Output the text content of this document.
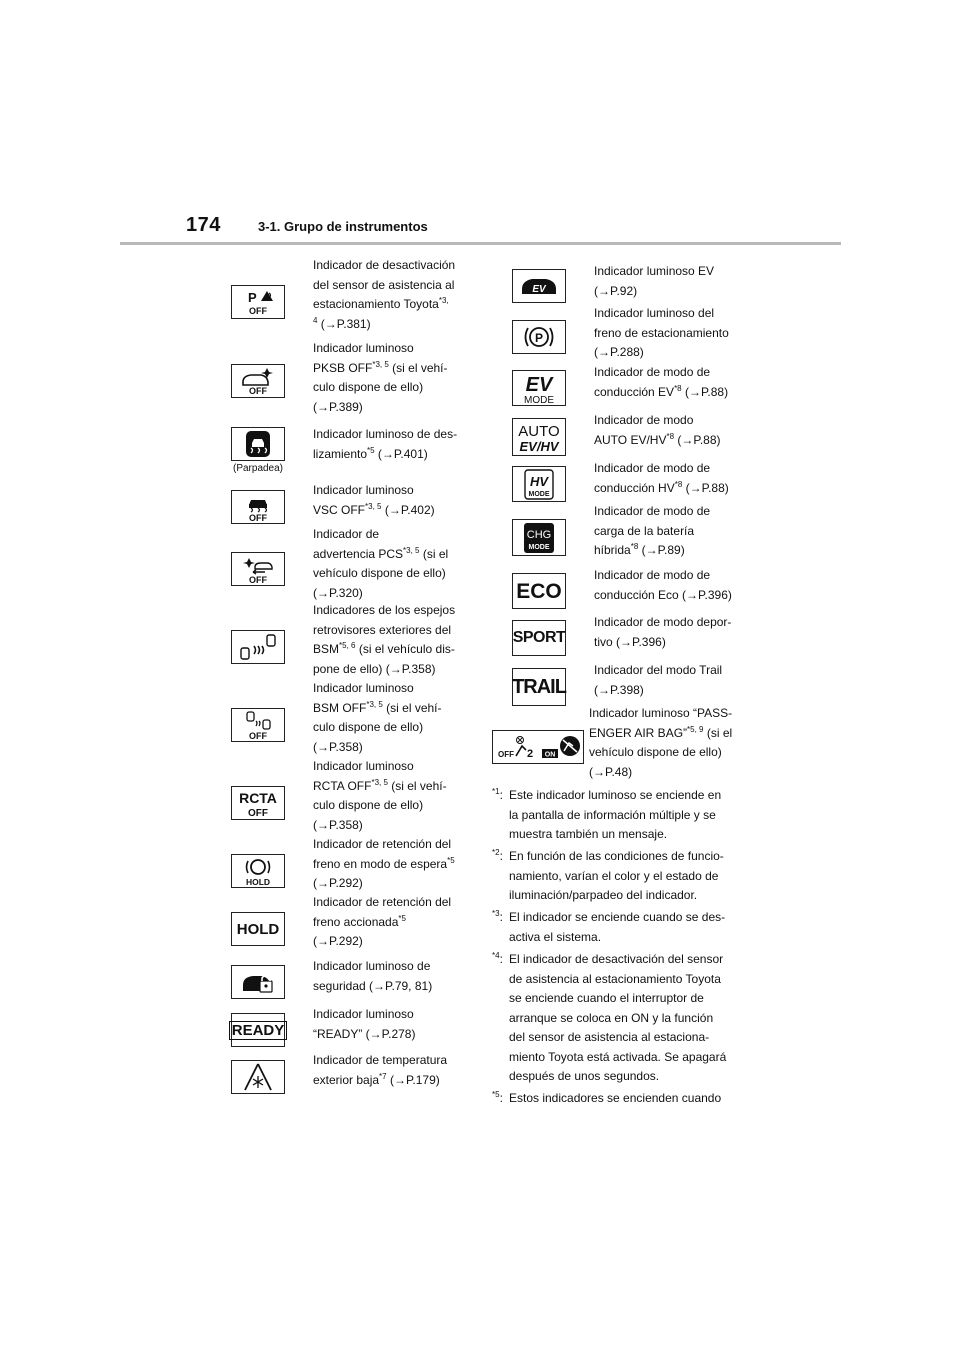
174	3-1. Grupo de instrumentos
P
OFF
Indicador de desactivación
del sensor de asistencia al
estacionamiento Toyota$^{*3,}$
$^4$ (→P.381)
OFF
Indicador luminoso
PKSB OFF$^{*3, 5}$ (si el vehí-
culo dispone de ello)
(→P.389)
(Parpadea)
Indicador luminoso de des-
lizamiento$^{*5}$ (→P.401)
OFF
Indicador luminoso
VSC OFF$^{*3, 5}$ (→P.402)
OFF
Indicador de
advertencia PCS$^{*3, 5}$ (si el
vehículo dispone de ello)
(→P.320)
Indicadores de los espejos
retrovisores exteriores del
BSM$^{*5, 6}$ (si el vehículo dis-
pone de ello) (→P.358)
OFF
Indicador luminoso
BSM OFF$^{*3, 5}$ (si el vehí-
culo dispone de ello)
(→P.358)
RCTA
OFF
Indicador luminoso
RCTA OFF$^{*3, 5}$ (si el vehí-
culo dispone de ello)
(→P.358)
HOLD
Indicador de retención del
freno en modo de espera$^{*5}$
(→P.292)
HOLD
Indicador de retención del
freno accionada$^{*5}$
(→P.292)
Indicador luminoso de
seguridad (→P.79, 81)
READY
Indicador luminoso
“READY” (→P.278)
Indicador de temperatura
exterior baja$^{*7}$ (→P.179)
EV
Indicador luminoso EV
(→P.92)
P
Indicador luminoso del
freno de estacionamiento
(→P.288)
EV
MODE
Indicador de modo de
conducción EV$^{*8}$ (→P.88)
AUTO
EV/HV
Indicador de modo
AUTO EV/HV$^{*8}$ (→P.88)
HV
MODE
Indicador de modo de
conducción HV$^{*8}$ (→P.88)
CHG
MODE
Indicador de modo de
carga de la batería
híbrida$^{*8}$ (→P.89)
ECO
Indicador de modo de
conducción Eco (→P.396)
SPORT
Indicador de modo depor-
tivo (→P.396)
TRAIL
Indicador del modo Trail
(→P.398)
OFF 2 ON
Indicador luminoso “PASS-
ENGER AIR BAG”$^{*5, 9}$ (si el
vehículo dispone de ello)
(→P.48)
$^{*1}$: Este indicador luminoso se enciende en
la pantalla de información múltiple y se
muestra también un mensaje.
$^{*2}$: En función de las condiciones de funcio-
namiento, varían el color y el estado de
iluminación/parpadeo del indicador.
$^{*3}$: El indicador se enciende cuando se des-
activa el sistema.
$^{*4}$: El indicador de desactivación del sensor
de asistencia al estacionamiento Toyota
se enciende cuando el interruptor de
arranque se coloca en ON y la función
del sensor de asistencia al estaciona-
miento Toyota está activada. Se apagará
después de unos segundos.
$^{*5}$: Estos indicadores se encienden cuando
